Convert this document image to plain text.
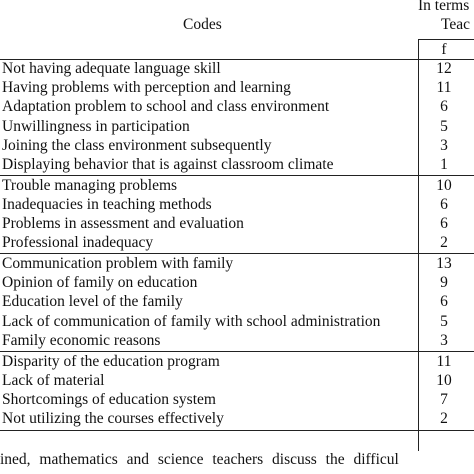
In terms
Teac
Codes
f
Not having adequate language skill	12
Having problems with perception and learning	11
Adaptation problem to school and class environment	6
Unwillingness in participation	5
Joining the class environment subsequently	3
Displaying behavior that is against classroom climate	1
Trouble managing problems	10
Inadequacies in teaching methods	6
Problems in assessment and evaluation	6
Professional inadequacy	2
Communication problem with family	13
Opinion of family on education	9
Education level of the family	6
Lack of communication of family with school administration	5
Family economic reasons	3
Disparity of the education program	11
Lack of material	10
Shortcomings of education system	7
Not utilizing the courses effectively	2
ined, mathematics and science teachers discuss the difficul
